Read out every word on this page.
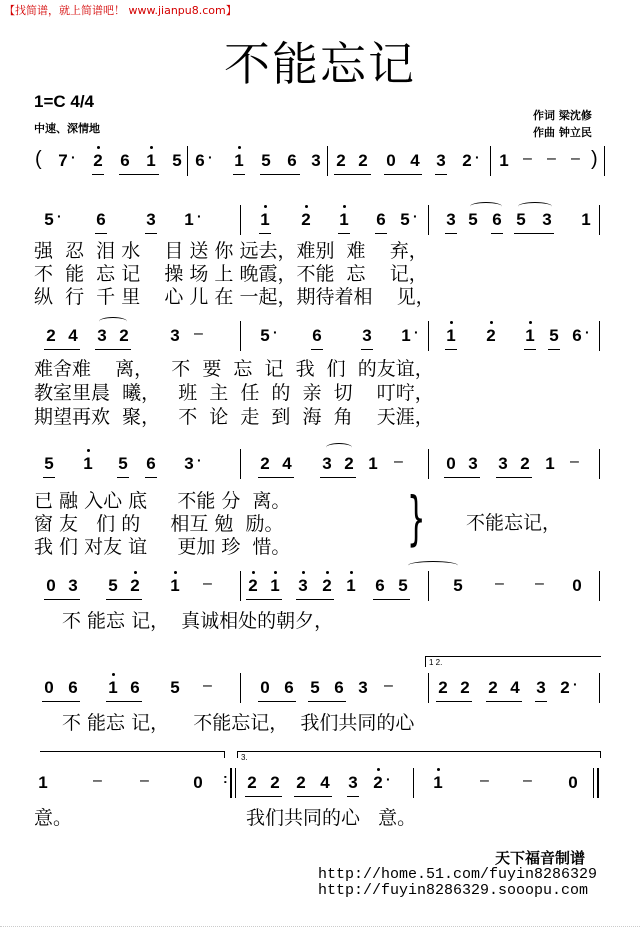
【找简谱，就上简谱吧！ www.jianpu8.com】
不能忘记
1=C 4/4
中速、深情地
作词 梁沈修
作曲 钟立民
( 7 · 2 6 1 5 6 · 1 5 6 3 2 2 0 4 3 2 · 1 – – – )
5 · 6 3 1 ·	1 2 1 6 5 · 3 5 6 5 3 1
强  忍  泪 水    目 送 你 远去，难别  难    弃，
不  能  忘 记    操 场 上 晚霞，不能  忘    记，
纵  行  千 里    心 儿 在 一起，期待着相    见，
2 4 3 2 3 –	5 · 6 3 1 · 1 2 1 5 6 ·
难舍难    离，   不  要  忘  记  我  们  的友谊，
教室里晨  曦，   班  主  任  的  亲  切    叮咛，
期望再欢  聚，   不  论  走  到  海  角    天涯，
5 1 5 6 3 ·	2 4 3 2 1 –	0 3 3 2 1 –
已 融 入心 底     不能 分  离。
窗 友   们 的     相互 勉  励。
我 们 对友 谊     更加 珍  惜。 } 不能忘记，
0 3 5 2 1 – 2 1 3 2 1 6 5	5 – – 0
不 能忘 记，  真诚相处的朝夕，
1 2.
0 6 1 6 5 –	0 6 5 6 3 –	2 2 2 4 3 2 ·
不 能忘 记，    不能忘记，  我们共同的心
3.
1	– –	0 : 2 2 2 4 3 2 ·	1 – – 0
意。	我们共同的心   意。
天下福音制谱
http://home.51.com/fuyin8286329
http://fuyin8286329.sooopu.com
